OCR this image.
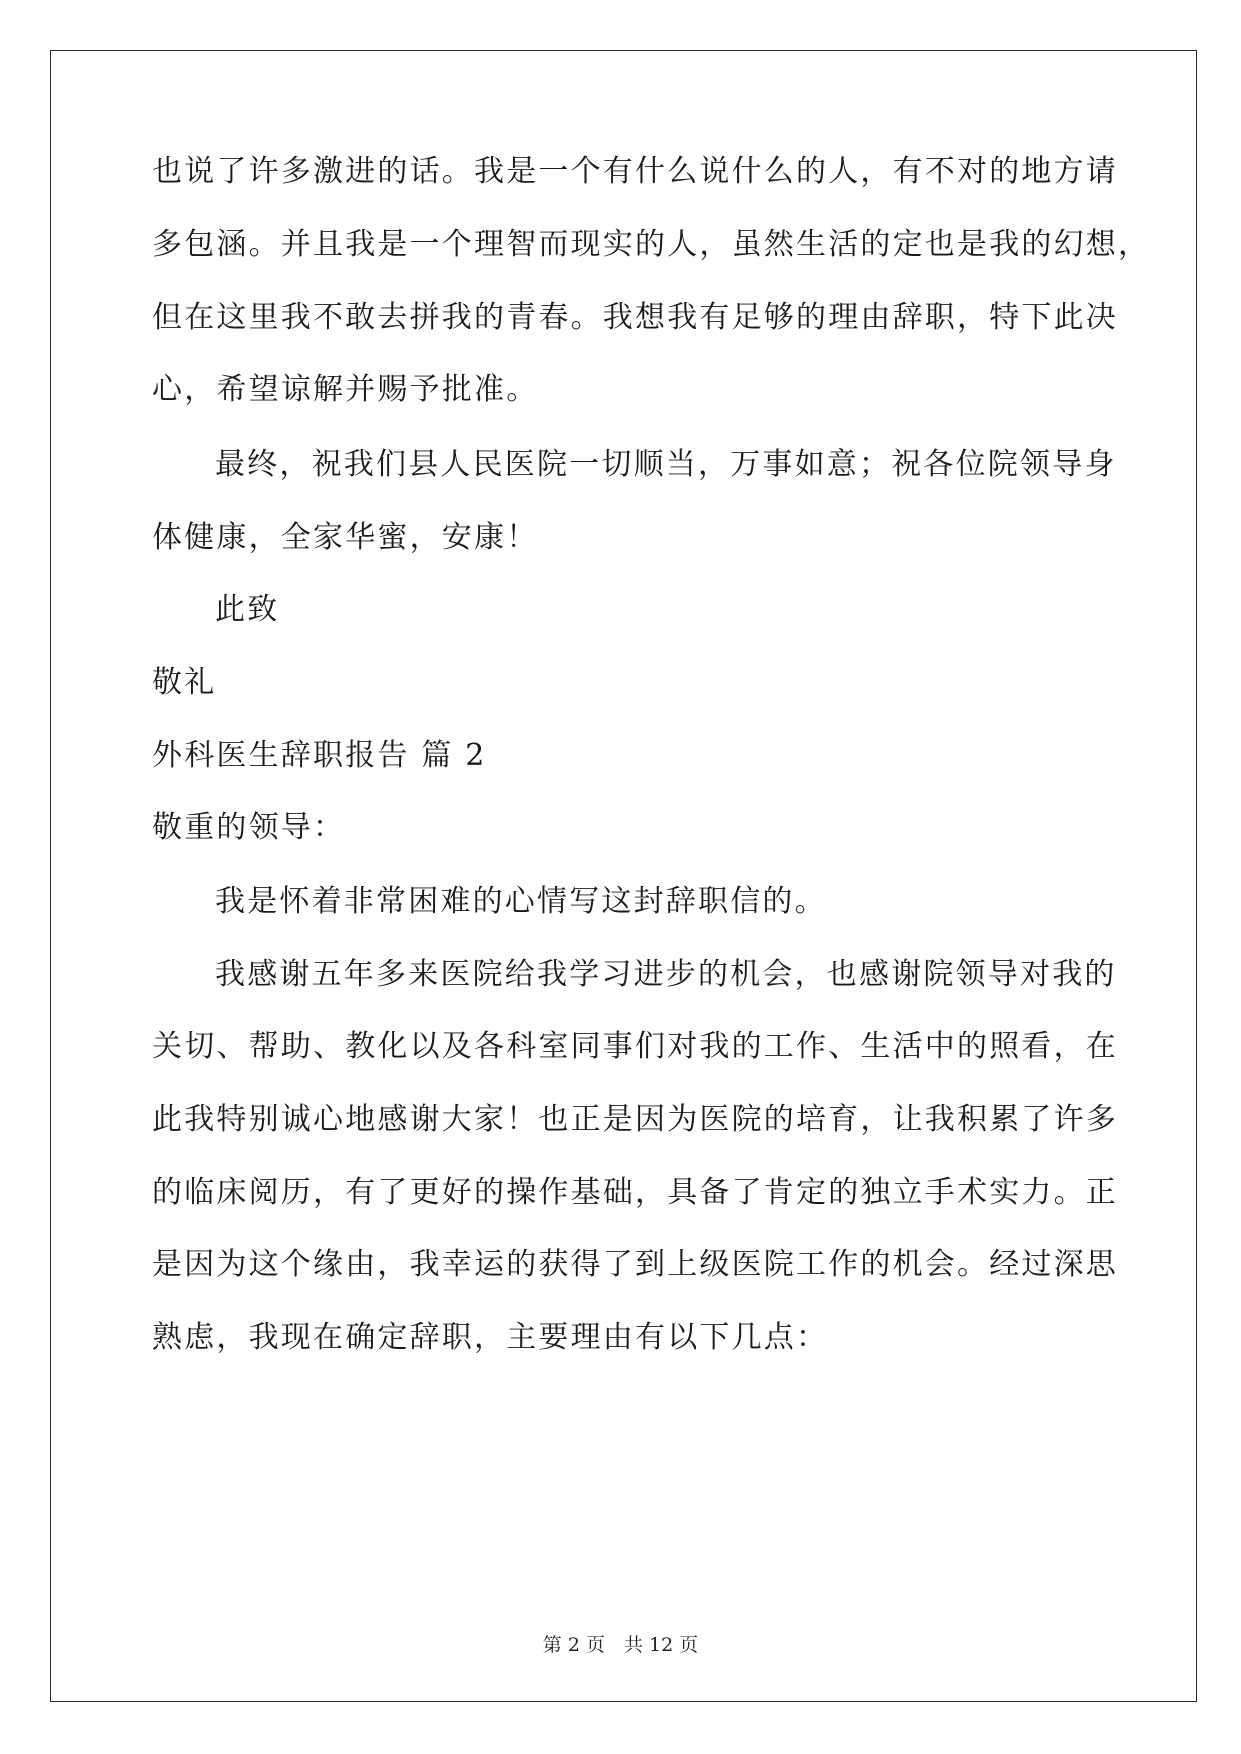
也说了许多激进的话。我是一个有什么说什么的人，有不对的地方请
多包涵。并且我是一个理智而现实的人，虽然生活的定也是我的幻想，
但在这里我不敢去拼我的青春。我想我有足够的理由辞职，特下此决
心，希望谅解并赐予批准。
最终，祝我们县人民医院一切顺当，万事如意；祝各位院领导身
体健康，全家华蜜，安康！
此致
敬礼
外科医生辞职报告 篇 2
敬重的领导：
我是怀着非常困难的心情写这封辞职信的。
我感谢五年多来医院给我学习进步的机会，也感谢院领导对我的
关切、帮助、教化以及各科室同事们对我的工作、生活中的照看，在
此我特别诚心地感谢大家！也正是因为医院的培育，让我积累了许多
的临床阅历，有了更好的操作基础，具备了肯定的独立手术实力。正
是因为这个缘由，我幸运的获得了到上级医院工作的机会。经过深思
熟虑，我现在确定辞职，主要理由有以下几点：
第 2 页　共 12 页
